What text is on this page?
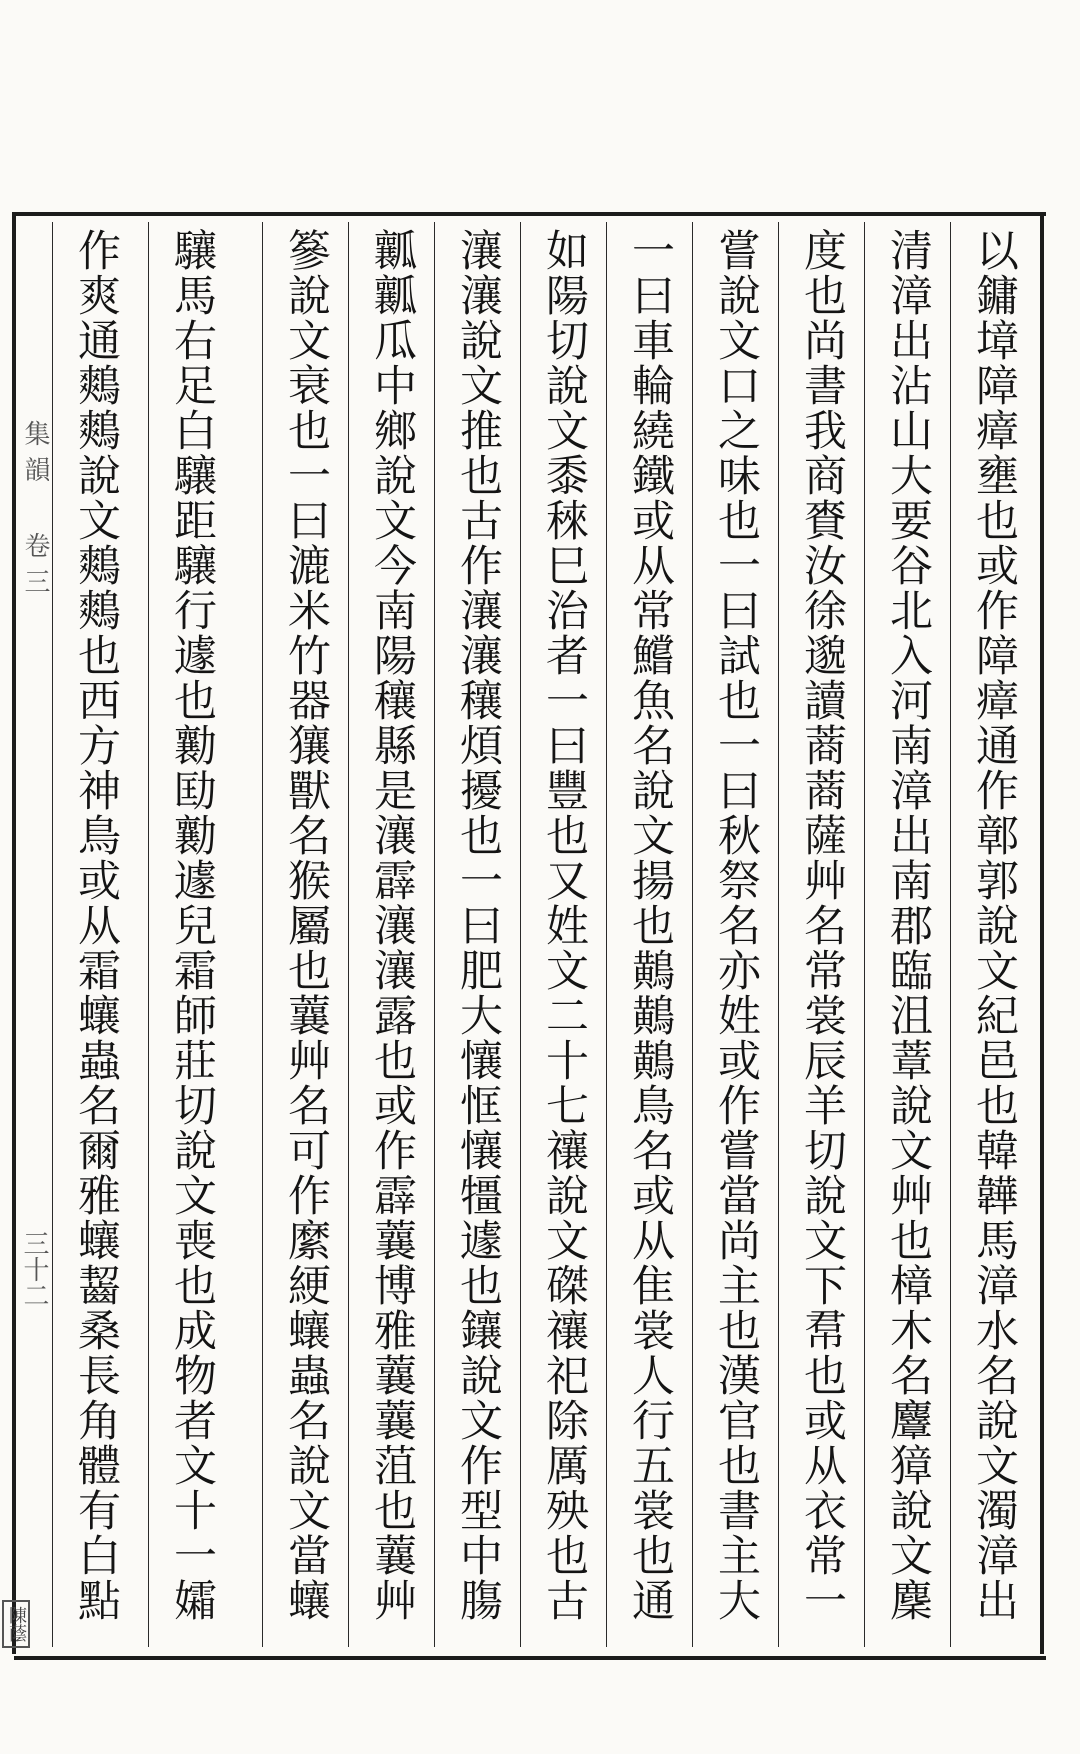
以鏞墇障瘴壅也或作障瘴通作鄣郭說文紀邑也韓韡馬漳水名說文濁漳出
清漳出沾山大要谷北入河南漳出南郡臨沮蔁說文艸也樟木名麞獐說文麇
度也尚書我商賚汝徐邈讀蔏蔏薩艸名常裳辰羊切說文下帬也或从衣常一
嘗說文口之味也一曰試也一曰秋祭名亦姓或作嘗當尚主也漢官也書主大
一曰車輪繞鐵或从常鱨魚名說文揚也鷬鷬鷬鳥名或从隹裳人行五裳也通
如陽切說文黍䅘巳治者一曰豐也又姓文二十七禳說文磔禳祀除厲殃也古
瀼瀼說文推也古作瀼瀼穰煩擾也一曰肥大懹恇懹㹔遽也鑲說文作型中膓
瓤瓤瓜中鄉說文今南陽穰縣是瀼霹瀼瀼露也或作霹蘘博雅蘘蘘菹也蘘艸
篸說文衰也一曰漉米竹器獽獸名猴屬也蘘艸名可作縻綆蠰蟲名說文當蠰
驤馬右足白驤距驤行遽也勷劻勷遽兒霜師莊切說文喪也成物者文十一孀
作爽通鷞鷞說文鷞鷞也西方神鳥或从霜蠰蟲名爾雅蠰齧桑長角體有白點
集韻 卷三
三十二
陳蔭
